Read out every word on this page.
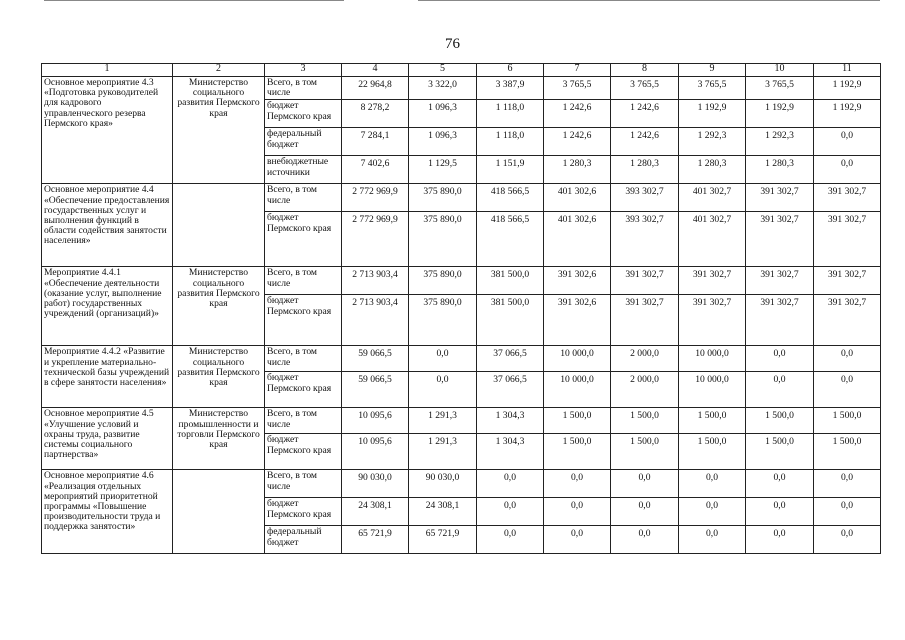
76
1	2	3	4	5	6	7	8	9	10	11
Основное мероприятие 4.3 «Подготовка руководителей для кадрового управленческого резерва Пермского края»	Министерство социального развития Пермского края	Всего, в том числе	22 964,8	3 322,0	3 387,9	3 765,5	3 765,5	3 765,5	3 765,5	1 192,9
		бюджет Пермского края	8 278,2	1 096,3	1 118,0	1 242,6	1 242,6	1 192,9	1 192,9	1 192,9
		федеральный бюджет	7 284,1	1 096,3	1 118,0	1 242,6	1 242,6	1 292,3	1 292,3	0,0
		внебюджетные источники	7 402,6	1 129,5	1 151,9	1 280,3	1 280,3	1 280,3	1 280,3	0,0
Основное мероприятие 4.4 «Обеспечение предоставления государственных услуг и выполнения функций в области содействия занятости населения»		Всего, в том числе	2 772 969,9	375 890,0	418 566,5	401 302,6	393 302,7	401 302,7	391 302,7	391 302,7
		бюджет Пермского края	2 772 969,9	375 890,0	418 566,5	401 302,6	393 302,7	401 302,7	391 302,7	391 302,7
Мероприятие 4.4.1 «Обеспечение деятельности (оказание услуг, выполнение работ) государственных учреждений (организаций)»	Министерство социального развития Пермского края	Всего, в том числе	2 713 903,4	375 890,0	381 500,0	391 302,6	391 302,7	391 302,7	391 302,7	391 302,7
		бюджет Пермского края	2 713 903,4	375 890,0	381 500,0	391 302,6	391 302,7	391 302,7	391 302,7	391 302,7
Мероприятие 4.4.2 «Развитие и укрепление материально-технической базы учреждений в сфере занятости населения»	Министерство социального развития Пермского края	Всего, в том числе	59 066,5	0,0	37 066,5	10 000,0	2 000,0	10 000,0	0,0	0,0
		бюджет Пермского края	59 066,5	0,0	37 066,5	10 000,0	2 000,0	10 000,0	0,0	0,0
Основное мероприятие 4.5 «Улучшение условий и охраны труда, развитие системы социального партнерства»	Министерство промышленности и торговли Пермского края	Всего, в том числе	10 095,6	1 291,3	1 304,3	1 500,0	1 500,0	1 500,0	1 500,0	1 500,0
		бюджет Пермского края	10 095,6	1 291,3	1 304,3	1 500,0	1 500,0	1 500,0	1 500,0	1 500,0
Основное мероприятие 4.6 «Реализация отдельных мероприятий приоритетной программы «Повышение производительности труда и поддержка занятости»		Всего, в том числе	90 030,0	90 030,0	0,0	0,0	0,0	0,0	0,0	0,0
		бюджет Пермского края	24 308,1	24 308,1	0,0	0,0	0,0	0,0	0,0	0,0
		федеральный бюджет	65 721,9	65 721,9	0,0	0,0	0,0	0,0	0,0	0,0
